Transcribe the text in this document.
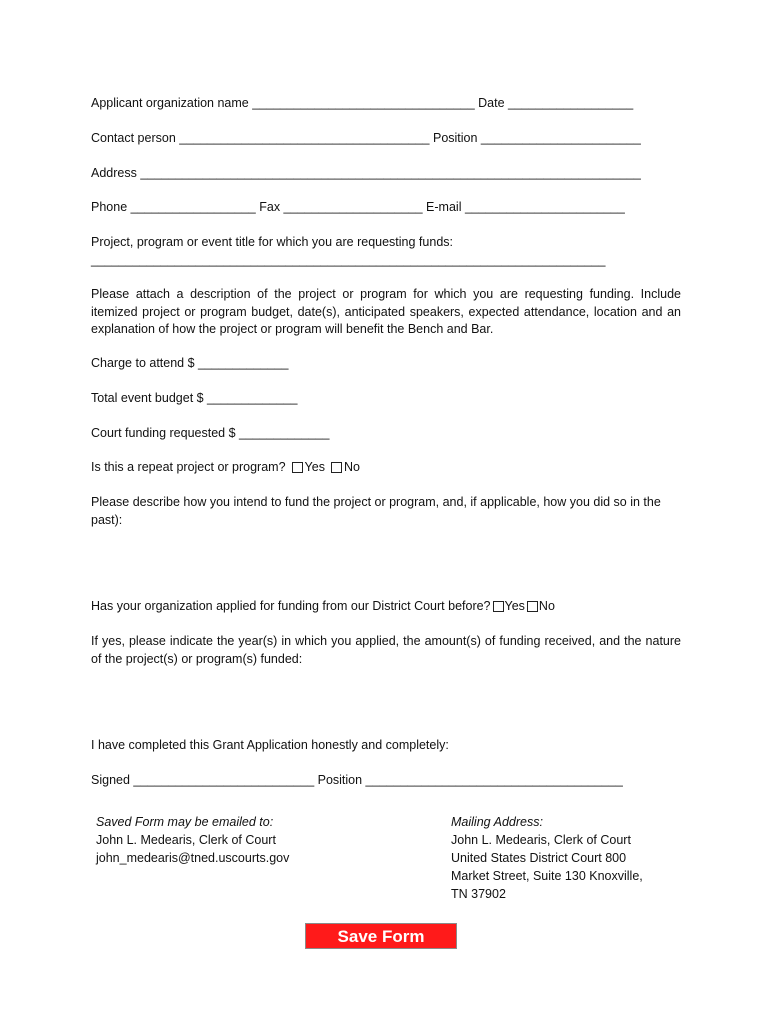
Applicant organization name ________________________________ Date __________________
Contact person ____________________________________ Position _______________________
Address ________________________________________________________________________
Phone __________________ Fax ____________________ E-mail _______________________
Project, program or event title for which you are requesting funds:
__________________________________________________________________________
Please attach a description of the project or program for which you are requesting funding. Include itemized project or program budget, date(s), anticipated speakers, expected attendance, location and an explanation of how the project or program will benefit the Bench and Bar.
Charge to attend $ _____________
Total event budget $ _____________
Court funding requested $ _____________
Is this a repeat project or program? Yes No
Please describe how you intend to fund the project or program, and, if applicable, how you did so in the past):
Has your organization applied for funding from our District Court before? Yes No
If yes, please indicate the year(s) in which you applied, the amount(s) of funding received, and the nature of the project(s) or program(s) funded:
I have completed this Grant Application honestly and completely:
Signed __________________________ Position _____________________________________
Saved Form may be emailed to:
John L. Medearis, Clerk of Court
john_medearis@tned.uscourts.gov
Mailing Address:
John L. Medearis, Clerk of Court
United States District Court 800
Market Street, Suite 130 Knoxville,
TN 37902
Save Form
